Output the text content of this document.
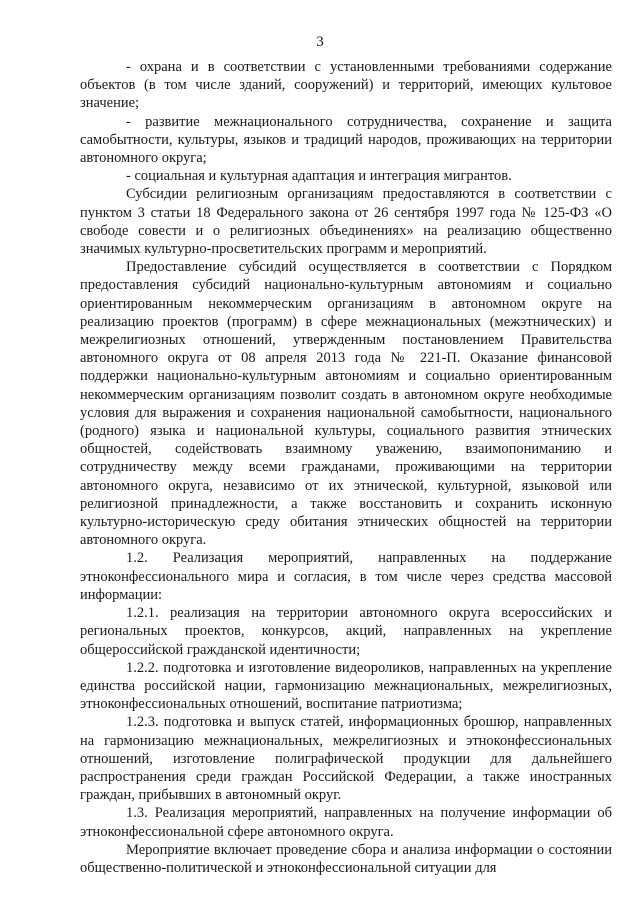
3

- охрана и в соответствии с установленными требованиями содержание объектов (в том числе зданий, сооружений) и территорий, имеющих культовое значение;

- развитие межнационального сотрудничества, сохранение и защита самобытности, культуры, языков и традиций народов, проживающих на территории автономного округа;

- социальная и культурная адаптация и интеграция мигрантов.

Субсидии религиозным организациям предоставляются в соответствии с пунктом 3 статьи 18 Федерального закона от 26 сентября 1997 года № 125-ФЗ «О свободе совести и о религиозных объединениях» на реализацию общественно значимых культурно-просветительских программ и мероприятий.

Предоставление субсидий осуществляется в соответствии с Порядком предоставления субсидий национально-культурным автономиям и социально ориентированным некоммерческим организациям в автономном округе на реализацию проектов (программ) в сфере межнациональных (межэтнических) и межрелигиозных отношений, утвержденным постановлением Правительства автономного округа от 08 апреля 2013 года № 221-П. Оказание финансовой поддержки национально-культурным автономиям и социально ориентированным некоммерческим организациям позволит создать в автономном округе необходимые условия для выражения и сохранения национальной самобытности, национального (родного) языка и национальной культуры, социального развития этнических общностей, содействовать взаимному уважению, взаимопониманию и сотрудничеству между всеми гражданами, проживающими на территории автономного округа, независимо от их этнической, культурной, языковой или религиозной принадлежности, а также восстановить и сохранить исконную культурно-историческую среду обитания этнических общностей на территории автономного округа.

1.2. Реализация мероприятий, направленных на поддержание этноконфессионального мира и согласия, в том числе через средства массовой информации:

1.2.1. реализация на территории автономного округа всероссийских и региональных проектов, конкурсов, акций, направленных на укрепление общероссийской гражданской идентичности;

1.2.2. подготовка и изготовление видеороликов, направленных на укрепление единства российской нации, гармонизацию межнациональных, межрелигиозных, этноконфессиональных отношений, воспитание патриотизма;

1.2.3. подготовка и выпуск статей, информационных брошюр, направленных на гармонизацию межнациональных, межрелигиозных и этноконфессиональных отношений, изготовление полиграфической продукции для дальнейшего распространения среди граждан Российской Федерации, а также иностранных граждан, прибывших в автономный округ.

1.3. Реализация мероприятий, направленных на получение информации об этноконфессиональной сфере автономного округа.

Мероприятие включает проведение сбора и анализа информации о состоянии общественно-политической и этноконфессиональной ситуации для
